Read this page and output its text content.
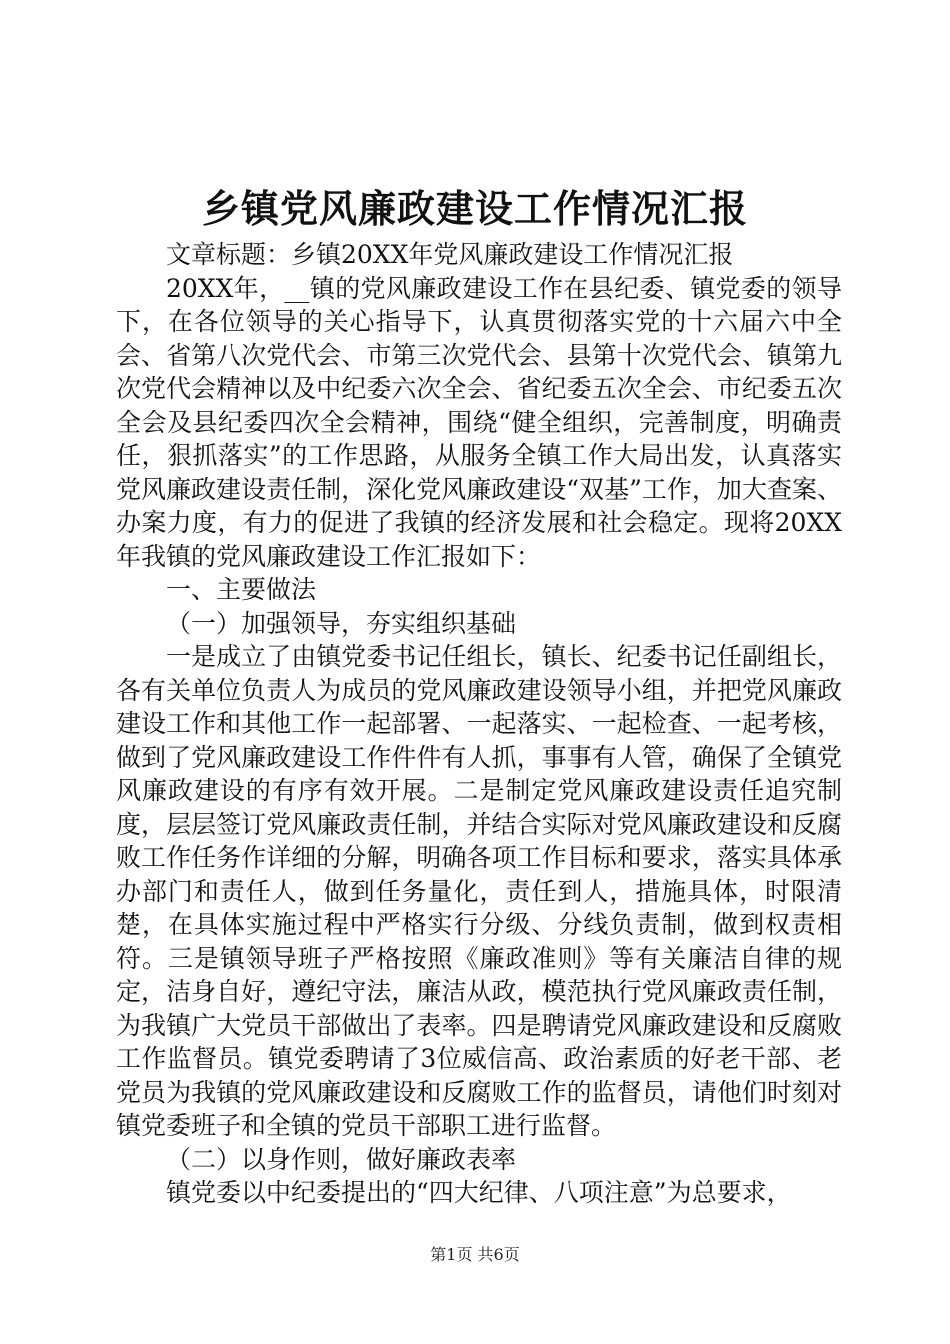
乡镇党风廉政建设工作情况汇报

文章标题：乡镇20XX年党风廉政建设工作情况汇报

20XX年，__镇的党风廉政建设工作在县纪委、镇党委的领导下，在各位领导的关心指导下，认真贯彻落实党的十六届六中全会、省第八次党代会、市第三次党代会、县第十次党代会、镇第九次党代会精神以及中纪委六次全会、省纪委五次全会、市纪委五次全会及县纪委四次全会精神，围绕“健全组织，完善制度，明确责任，狠抓落实”的工作思路，从服务全镇工作大局出发，认真落实党风廉政建设责任制，深化党风廉政建设“双基”工作，加大查案、办案力度，有力的促进了我镇的经济发展和社会稳定。现将20XX年我镇的党风廉政建设工作汇报如下：

一、主要做法

（一）加强领导，夯实组织基础

一是成立了由镇党委书记任组长，镇长、纪委书记任副组长，各有关单位负责人为成员的党风廉政建设领导小组，并把党风廉政建设工作和其他工作一起部署、一起落实、一起检查、一起考核，做到了党风廉政建设工作件件有人抓，事事有人管，确保了全镇党风廉政建设的有序有效开展。二是制定党风廉政建设责任追究制度，层层签订党风廉政责任制，并结合实际对党风廉政建设和反腐败工作任务作详细的分解，明确各项工作目标和要求，落实具体承办部门和责任人，做到任务量化，责任到人，措施具体，时限清楚，在具体实施过程中严格实行分级、分线负责制，做到权责相符。三是镇领导班子严格按照《廉政准则》等有关廉洁自律的规定，洁身自好，遵纪守法，廉洁从政，模范执行党风廉政责任制，为我镇广大党员干部做出了表率。四是聘请党风廉政建设和反腐败工作监督员。镇党委聘请了3位威信高、政治素质的好老干部、老党员为我镇的党风廉政建设和反腐败工作的监督员，请他们时刻对镇党委班子和全镇的党员干部职工进行监督。

（二）以身作则，做好廉政表率

镇党委以中纪委提出的“四大纪律、八项注意”为总要求，

第1页 共6页
